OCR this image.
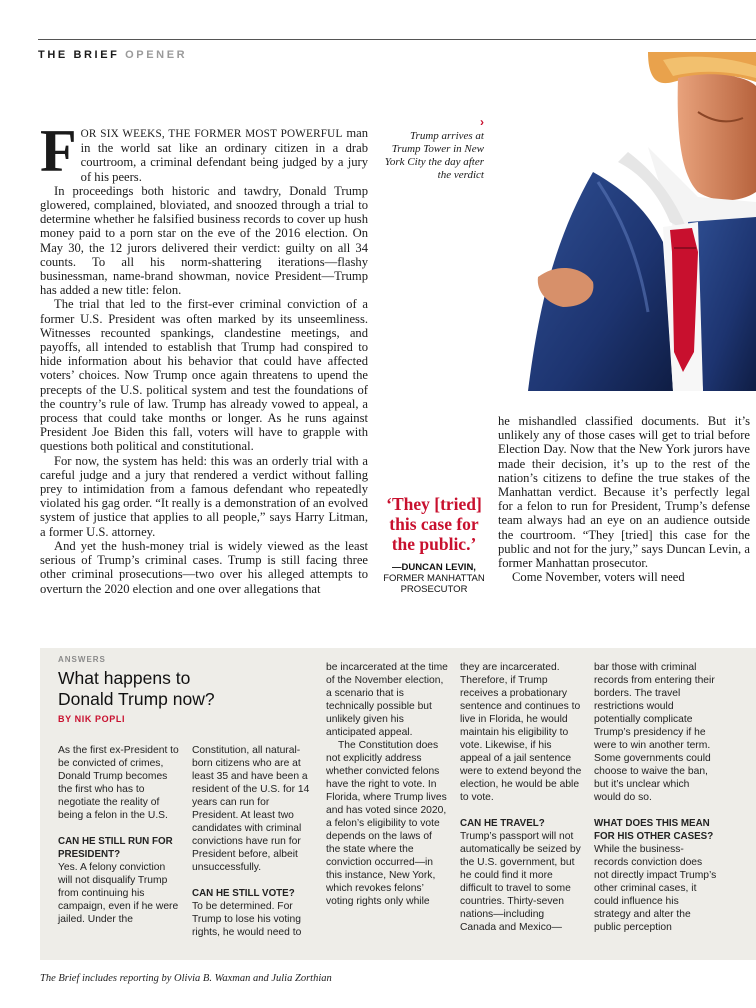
THE BRIEF OPENER
›
Trump arrives at Trump Tower in New York City the day after the verdict

FOR SIX WEEKS, THE FORMER MOST POWERFUL man in the world sat like an ordinary citizen in a drab courtroom, a criminal defendant being judged by a jury of his peers.

In proceedings both historic and tawdry, Donald Trump glowered, complained, bloviated, and snoozed through a trial to determine whether he falsified business records to cover up hush money paid to a porn star on the eve of the 2016 election. On May 30, the 12 jurors delivered their verdict: guilty on all 34 counts. To all his norm-shattering iterations—flashy businessman, name-brand showman, novice President—Trump has added a new title: felon.

The trial that led to the first-ever criminal conviction of a former U.S. President was often marked by its unseemliness. Witnesses recounted spankings, clandestine meetings, and payoffs, all intended to establish that Trump had conspired to hide information about his behavior that could have affected voters’ choices. Now Trump once again threatens to upend the precepts of the U.S. political system and test the foundations of the country’s rule of law. Trump has already vowed to appeal, a process that could take months or longer. As he runs against President Joe Biden this fall, voters will have to grapple with questions both political and constitutional.

For now, the system has held: this was an orderly trial with a careful judge and a jury that rendered a verdict without falling prey to intimidation from a famous defendant who repeatedly violated his gag order. “It really is a demonstration of an evolved system of justice that applies to all people,” says Harry Litman, a former U.S. attorney.

And yet the hush-money trial is widely viewed as the least serious of Trump’s criminal cases. Trump is still facing three other criminal prosecutions—two over his alleged attempts to overturn the 2020 election and one over allegations that

‘They [tried] this case for the public.’
—DUNCAN LEVIN,
FORMER MANHATTAN PROSECUTOR

he mishandled classified documents. But it’s unlikely any of those cases will get to trial before Election Day. Now that the New York jurors have made their decision, it’s up to the rest of the nation’s citizens to define the true stakes of the Manhattan verdict. Because it’s perfectly legal for a felon to run for President, Trump’s defense team always had an eye on an audience outside the courtroom. “They [tried] this case for the public and not for the jury,” says Duncan Levin, a former Manhattan prosecutor.

Come November, voters will need

ANSWERS
What happens to Donald Trump now?
BY NIK POPLI

As the first ex-President to be convicted of crimes, Donald Trump becomes the first who has to negotiate the reality of being a felon in the U.S.

CAN HE STILL RUN FOR PRESIDENT?

Yes. A felony conviction will not disqualify Trump from continuing his campaign, even if he were jailed. Under the

Constitution, all natural-born citizens who are at least 35 and have been a resident of the U.S. for 14 years can run for President. At least two candidates with criminal convictions have run for President before, albeit unsuccessfully.

CAN HE STILL VOTE?

To be determined. For Trump to lose his voting rights, he would need to

be incarcerated at the time of the November election, a scenario that is technically possible but unlikely given his anticipated appeal.

The Constitution does not explicitly address whether convicted felons have the right to vote. In Florida, where Trump lives and has voted since 2020, a felon’s eligibility to vote depends on the laws of the state where the conviction occurred—in this instance, New York, which revokes felons’ voting rights only while

they are incarcerated. Therefore, if Trump receives a probationary sentence and continues to live in Florida, he would maintain his eligibility to vote. Likewise, if his appeal of a jail sentence were to extend beyond the election, he would be able to vote.

CAN HE TRAVEL?

Trump’s passport will not automatically be seized by the U.S. government, but he could find it more difficult to travel to some countries. Thirty-seven nations—including Canada and Mexico—

bar those with criminal records from entering their borders. The travel restrictions would potentially complicate Trump’s presidency if he were to win another term. Some governments could choose to waive the ban, but it’s unclear which would do so.

WHAT DOES THIS MEAN FOR HIS OTHER CASES?

While the business-records conviction does not directly impact Trump’s other criminal cases, it could influence his strategy and alter the public perception

The Brief includes reporting by Olivia B. Waxman and Julia Zorthian
